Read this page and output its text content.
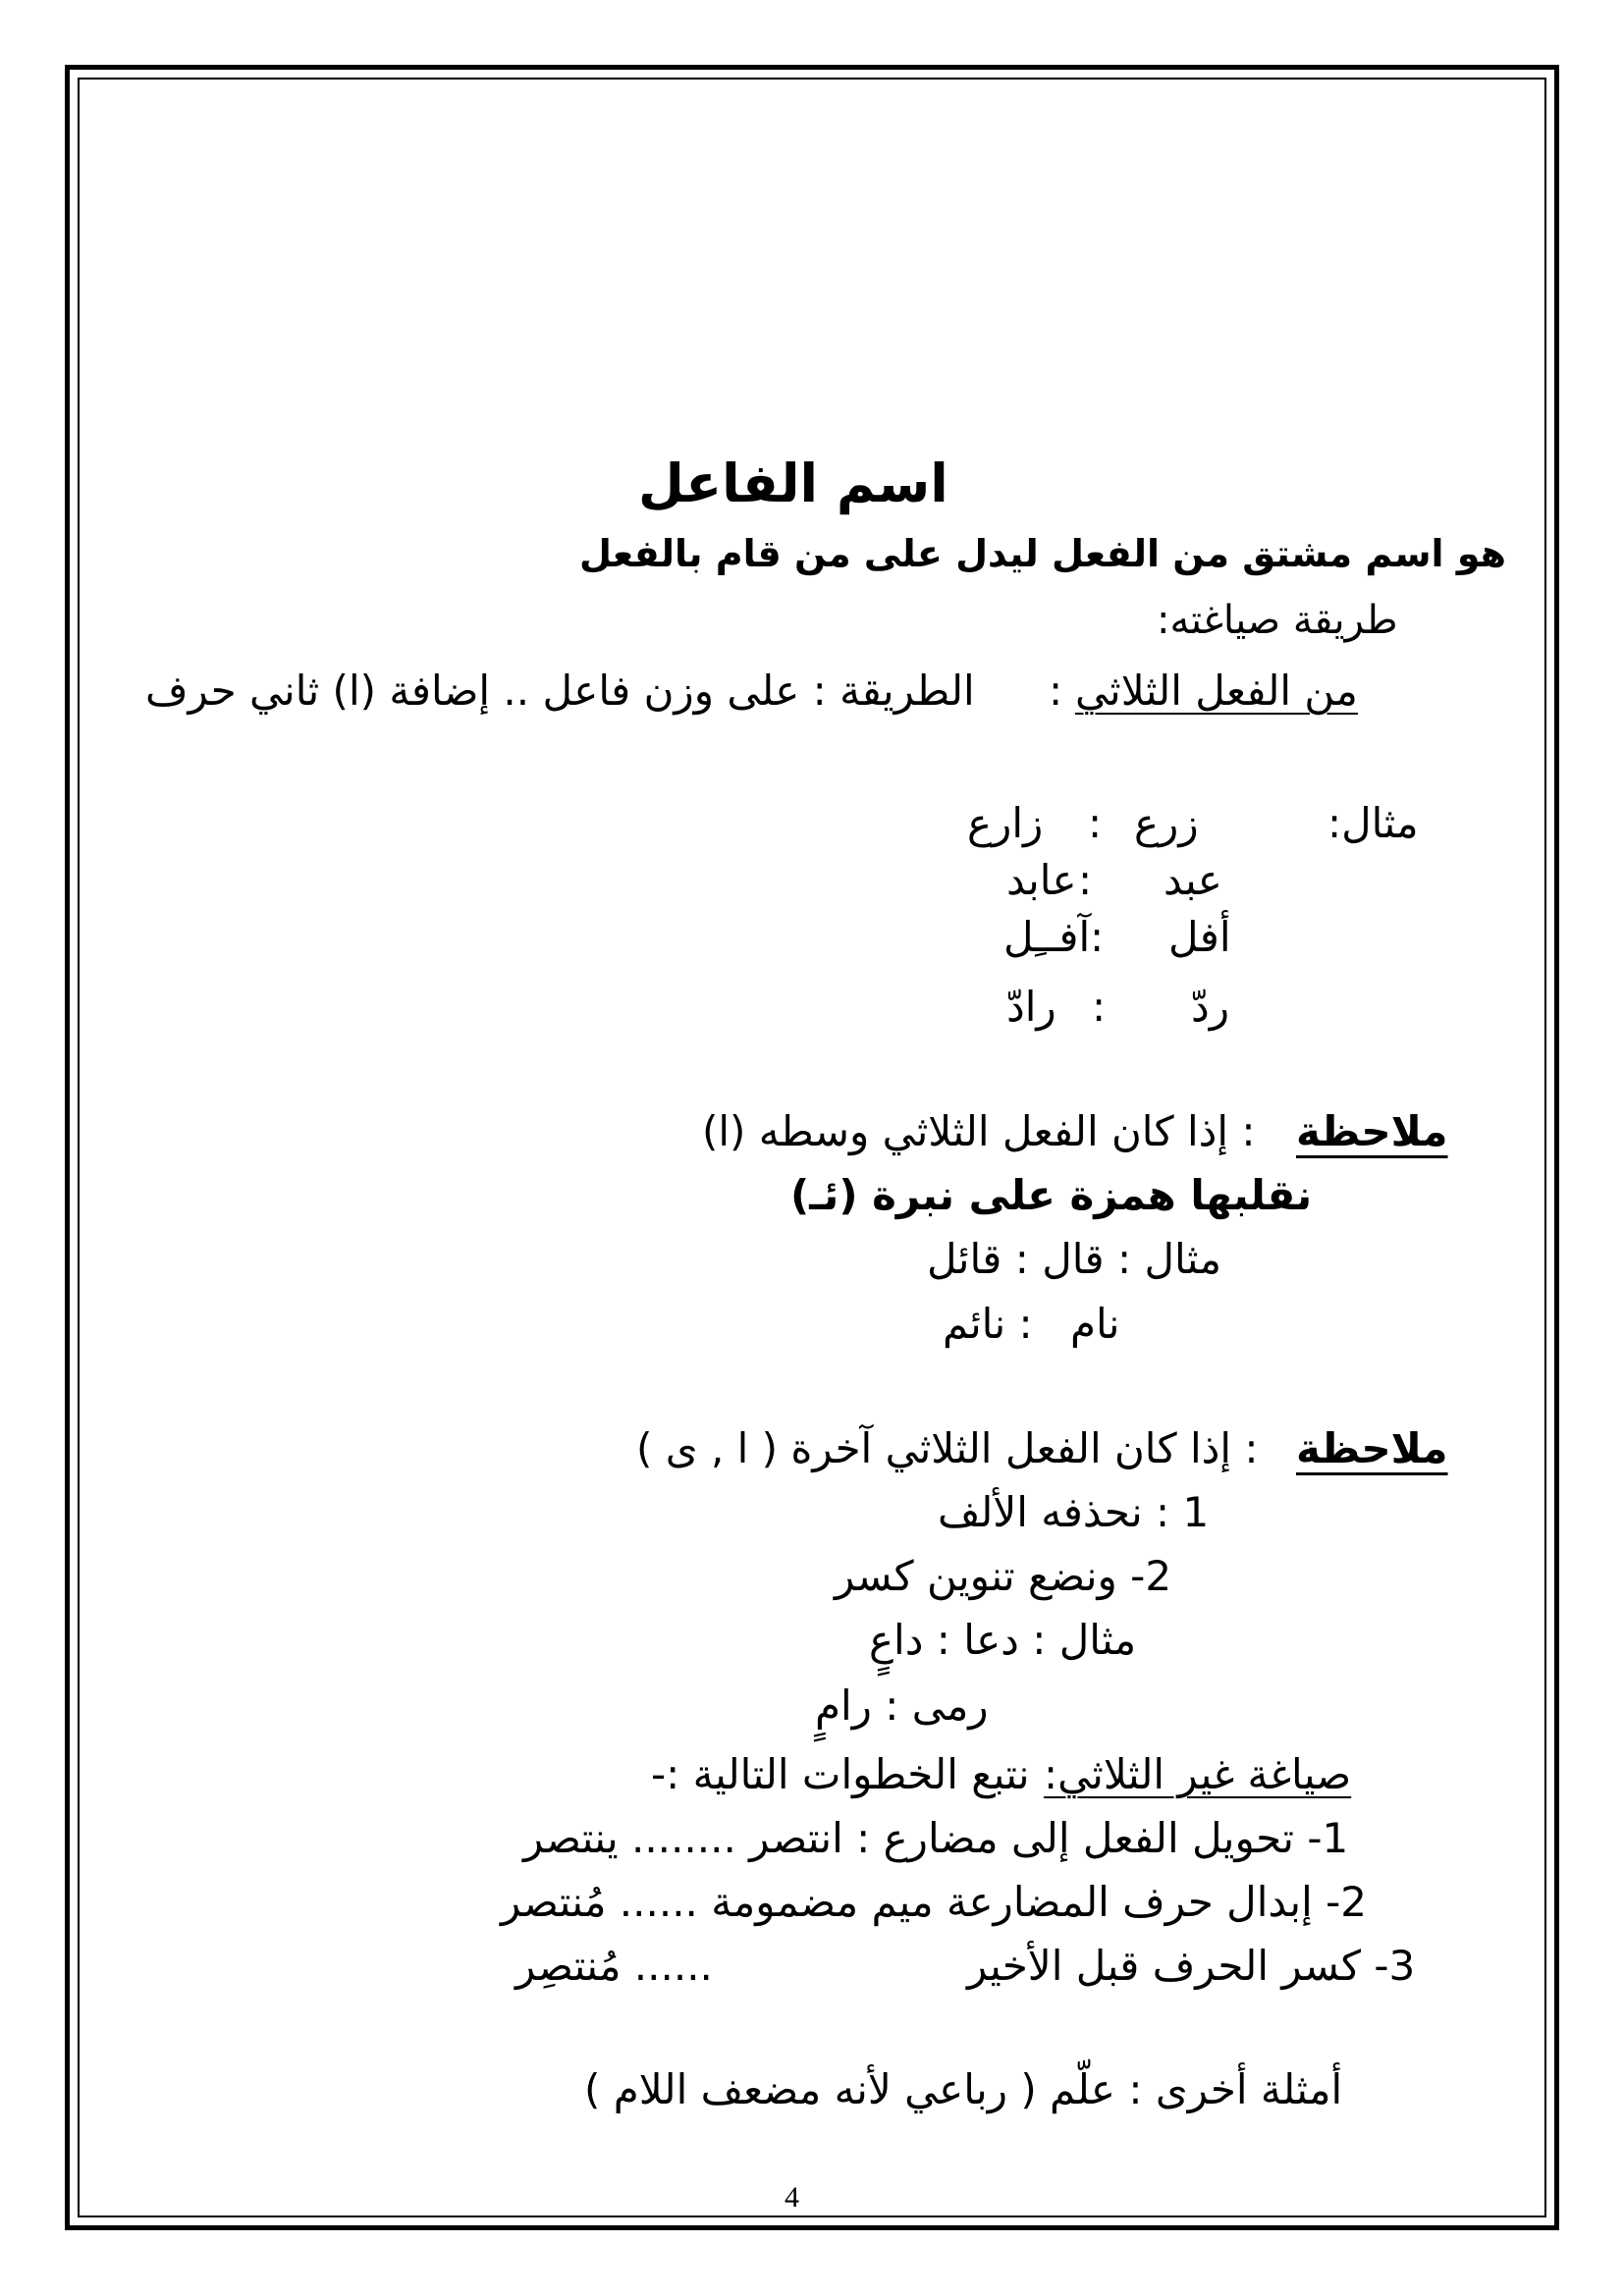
اسم الفاعل
هو اسم مشتق من الفعل ليدل على من قام بالفعل
طريقة صياغته:
من الفعل الثلاثي
:
الطريقة : على وزن فاعل .. إضافة (ا) ثاني حرف
مثال:
زرع
:
زارع
عبد
:
عابد
أفل
:
آفــِل
ردّ
:
رادّ
ملاحظة
: إذا كان الفعل الثلاثي وسطه (ا)
نقلبها همزة على نبرة (ئـ)
مثال : قال : قائل
نام
: نائم
ملاحظة
: إذا كان الفعل الثلاثي آخرة ( ا , ى )
1 : نحذفه الألف
2- ونضع تنوين كسر
مثال : دعا : داعٍ
رمى : رامٍ
صياغة غير الثلاثي:
نتبع الخطوات التالية :-
1- تحويل الفعل إلى مضارع : انتصر ........ ينتصر
2- إبدال حرف المضارعة ميم مضمومة ...... مُنتصر
3- كسر الحرف قبل الأخير
...... مُنتصِر
أمثلة أخرى : علّم ( رباعي لأنه مضعف اللام )
4
